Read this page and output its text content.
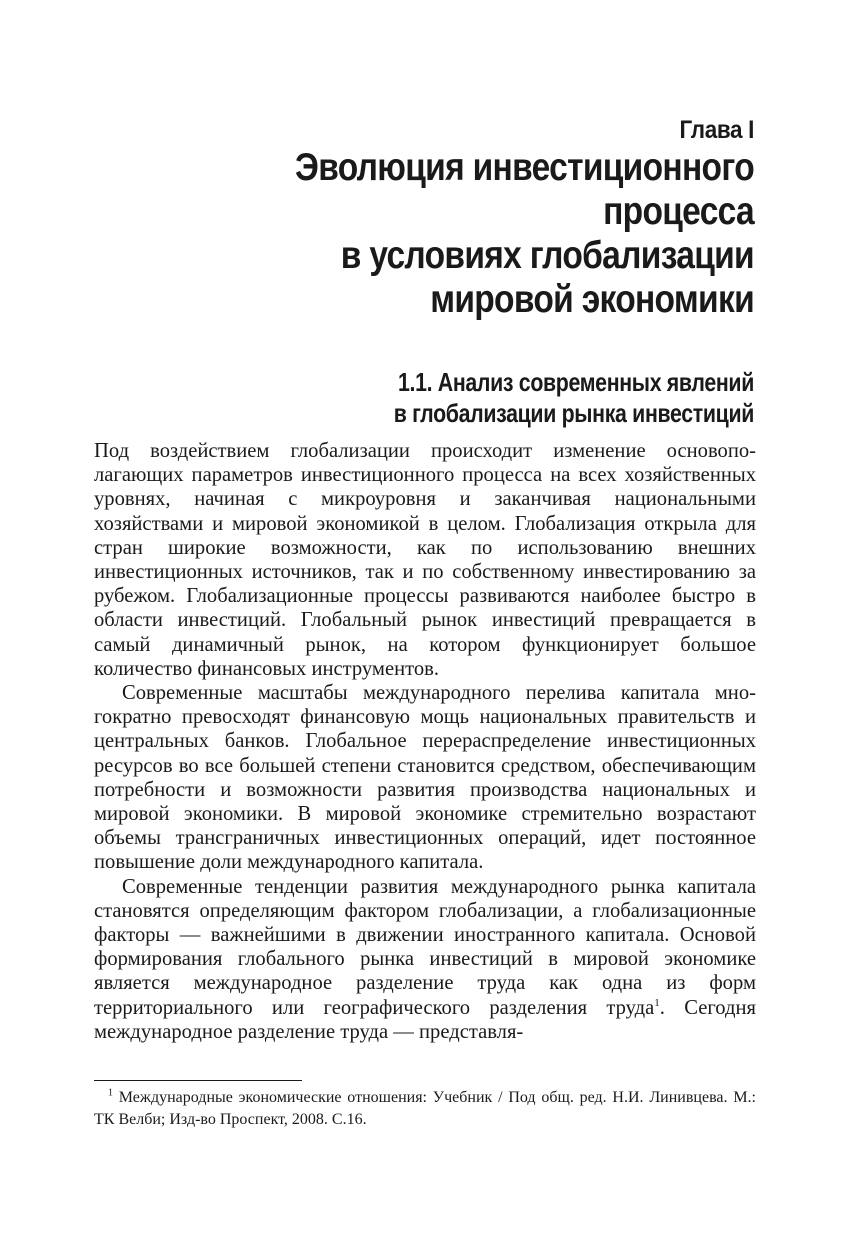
Глава I
Эволюция инвестиционного процесса
в условиях глобализации
мировой экономики
1.1. Анализ современных явлений
в глобализации рынка инвестиций

Под воздействием глобализации происходит изменение основополагающих параметров инвестиционного процесса на всех хозяйственных уровнях, начиная с микроуровня и заканчивая национальными хозяйствами и мировой экономикой в целом. Глобализация открыла для стран широкие возможности, как по использованию внешних инвестиционных источников, так и по собственному инвестированию за рубежом. Глобализационные процессы развиваются наиболее быстро в области инвестиций. Глобальный рынок инвестиций превращается в самый динамичный рынок, на котором функционирует большое количество финансовых инструментов.

Современные масштабы международного перелива капитала многократно превосходят финансовую мощь национальных правительств и центральных банков. Глобальное перераспределение инвестиционных ресурсов во все большей степени становится средством, обеспечивающим потребности и возможности развития производства национальных и мировой экономики. В мировой экономике стремительно возрастают объемы трансграничных инвестиционных операций, идет постоянное повышение доли международного капитала.

Современные тенденции развития международного рынка капитала становятся определяющим фактором глобализации, а глобализационные факторы — важнейшими в движении иностранного капитала. Основой формирования глобального рынка инвестиций в мировой экономике является международное разделение труда как одна из форм территориального или географического разделения труда$^1$. Сегодня международное разделение труда — представля-

$^1$ Международные экономические отношения: Учебник / Под общ. ред. Н.И. Линивцева. М.: ТК Велби; Изд-во Проспект, 2008. С.16.
